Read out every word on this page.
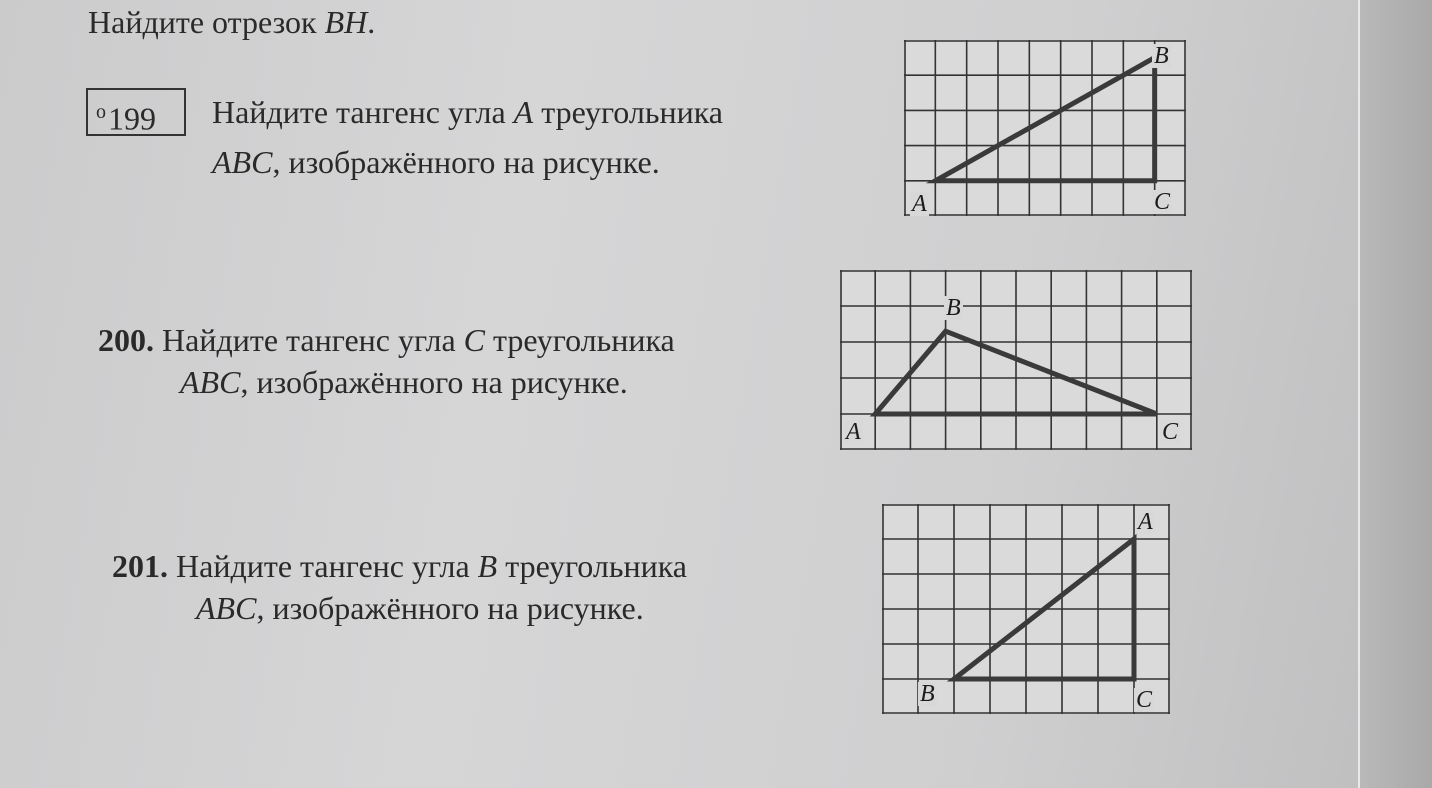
Найдите отрезок BH.
$^o$199	Найдите тангенс угла A треугольника
ABC, изображённого на рисунке.
200. Найдите тангенс угла C треугольника
ABC, изображённого на рисунке.
201. Найдите тангенс угла B треугольника
ABC, изображённого на рисунке.
A
B
C
A
B
C
A
B	C
